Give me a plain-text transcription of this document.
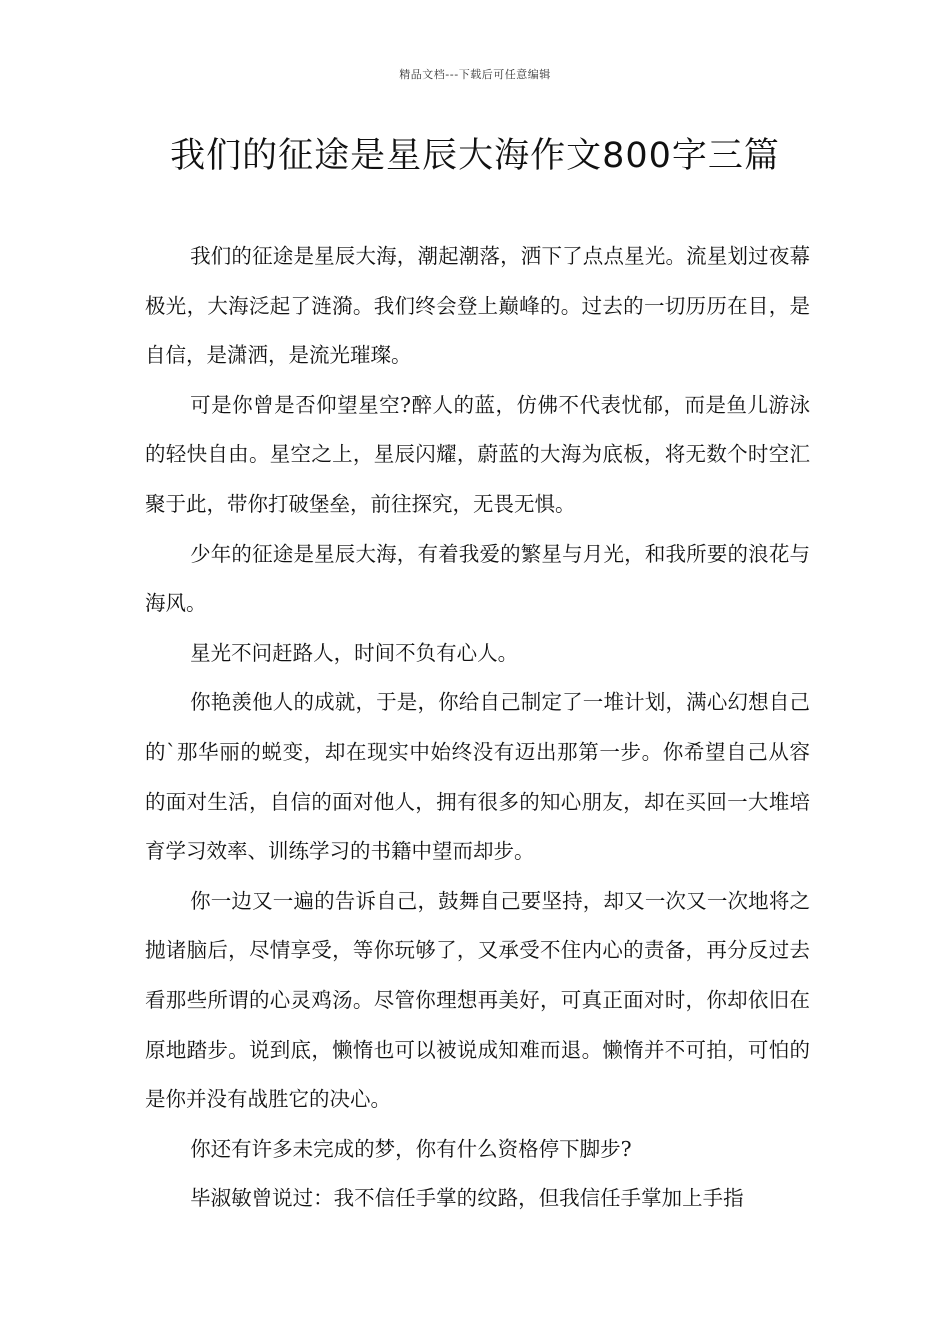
精品文档---下载后可任意编辑
我们的征途是星辰大海作文800字三篇

我们的征途是星辰大海，潮起潮落，洒下了点点星光。流星划过夜幕极光，大海泛起了涟漪。我们终会登上巅峰的。过去的一切历历在目，是自信，是潇洒，是流光璀璨。

可是你曾是否仰望星空?醉人的蓝，仿佛不代表忧郁，而是鱼儿游泳的轻快自由。星空之上，星辰闪耀，蔚蓝的大海为底板，将无数个时空汇聚于此，带你打破堡垒，前往探究，无畏无惧。

少年的征途是星辰大海，有着我爱的繁星与月光，和我所要的浪花与海风。

星光不问赶路人，时间不负有心人。

你艳羡他人的成就，于是，你给自己制定了一堆计划，满心幻想自己的`那华丽的蜕变，却在现实中始终没有迈出那第一步。你希望自己从容的面对生活，自信的面对他人，拥有很多的知心朋友，却在买回一大堆培育学习效率、训练学习的书籍中望而却步。

你一边又一遍的告诉自己，鼓舞自己要坚持，却又一次又一次地将之抛诸脑后，尽情享受，等你玩够了，又承受不住内心的责备，再分反过去看那些所谓的心灵鸡汤。尽管你理想再美好，可真正面对时，你却依旧在原地踏步。说到底，懒惰也可以被说成知难而退。懒惰并不可拍，可怕的是你并没有战胜它的决心。

你还有许多未完成的梦，你有什么资格停下脚步?

毕淑敏曾说过：我不信任手掌的纹路，但我信任手掌加上手指
